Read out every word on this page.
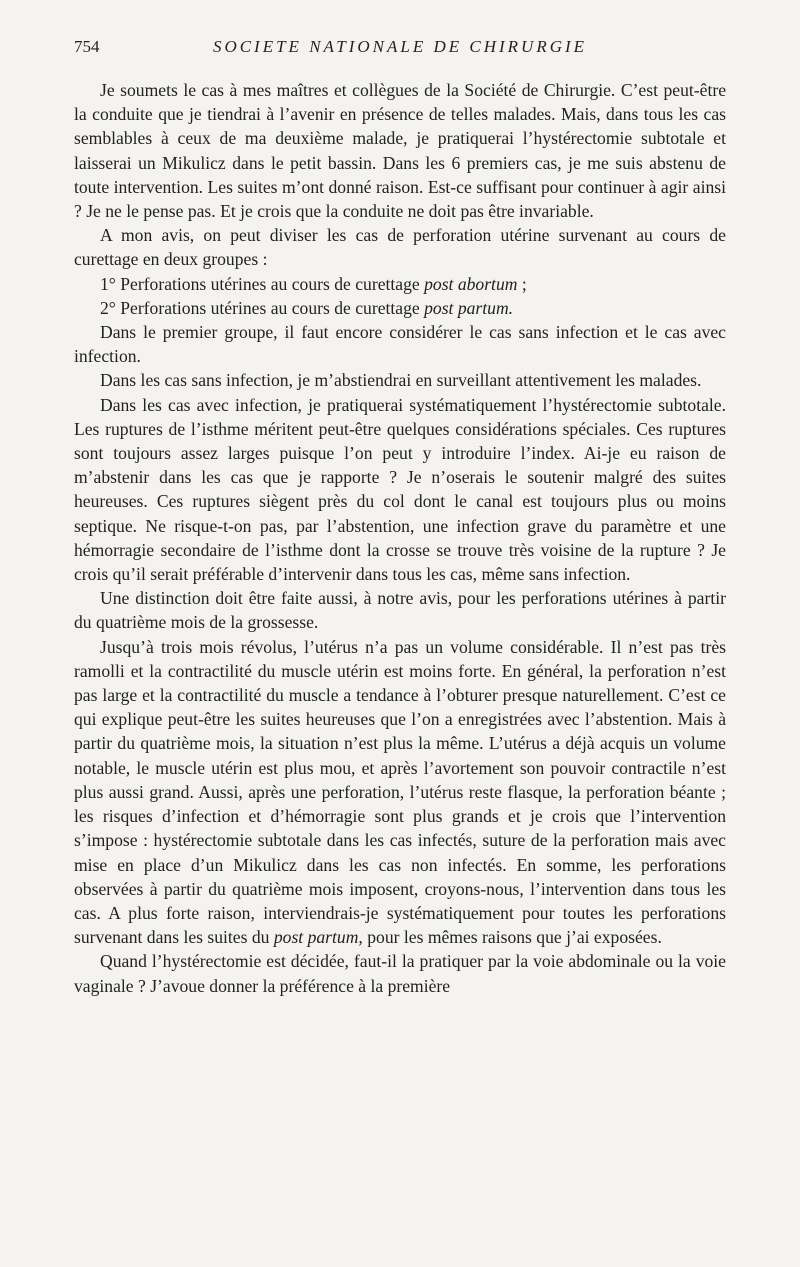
754	SOCIETE NATIONALE DE CHIRURGIE

Je soumets le cas à mes maîtres et collègues de la Société de Chirurgie. C’est peut-être la conduite que je tiendrai à l’avenir en présence de telles malades. Mais, dans tous les cas semblables à ceux de ma deuxième malade, je pratiquerai l’hystérectomie subtotale et laisserai un Mikulicz dans le petit bassin. Dans les 6 premiers cas, je me suis abstenu de toute intervention. Les suites m’ont donné raison. Est-ce suffisant pour continuer à agir ainsi ? Je ne le pense pas. Et je crois que la conduite ne doit pas être invariable.

A mon avis, on peut diviser les cas de perforation utérine survenant au cours de curettage en deux groupes :

1° Perforations utérines au cours de curettage post abortum ;

2° Perforations utérines au cours de curettage post partum.

Dans le premier groupe, il faut encore considérer le cas sans infection et le cas avec infection.

Dans les cas sans infection, je m’abstiendrai en surveillant attentivement les malades.

Dans les cas avec infection, je pratiquerai systématiquement l’hystérectomie subtotale. Les ruptures de l’isthme méritent peut-être quelques considérations spéciales. Ces ruptures sont toujours assez larges puisque l’on peut y introduire l’index. Ai-je eu raison de m’abstenir dans les cas que je rapporte ? Je n’oserais le soutenir malgré des suites heureuses. Ces ruptures siègent près du col dont le canal est toujours plus ou moins septique. Ne risque-t-on pas, par l’abstention, une infection grave du paramètre et une hémorragie secondaire de l’isthme dont la crosse se trouve très voisine de la rupture ? Je crois qu’il serait préférable d’intervenir dans tous les cas, même sans infection.

Une distinction doit être faite aussi, à notre avis, pour les perforations utérines à partir du quatrième mois de la grossesse.

Jusqu’à trois mois révolus, l’utérus n’a pas un volume considérable. Il n’est pas très ramolli et la contractilité du muscle utérin est moins forte. En général, la perforation n’est pas large et la contractilité du muscle a tendance à l’obturer presque naturellement. C’est ce qui explique peut-être les suites heureuses que l’on a enregistrées avec l’abstention. Mais à partir du quatrième mois, la situation n’est plus la même. L’utérus a déjà acquis un volume notable, le muscle utérin est plus mou, et après l’avortement son pouvoir contractile n’est plus aussi grand. Aussi, après une perforation, l’utérus reste flasque, la perforation béante ; les risques d’infection et d’hémorragie sont plus grands et je crois que l’intervention s’impose : hystérectomie subtotale dans les cas infectés, suture de la perforation mais avec mise en place d’un Mikulicz dans les cas non infectés. En somme, les perforations observées à partir du quatrième mois imposent, croyons-nous, l’intervention dans tous les cas. A plus forte raison, interviendrais-je systématiquement pour toutes les perforations survenant dans les suites du post partum, pour les mêmes raisons que j’ai exposées.

Quand l’hystérectomie est décidée, faut-il la pratiquer par la voie abdominale ou la voie vaginale ? J’avoue donner la préférence à la première
